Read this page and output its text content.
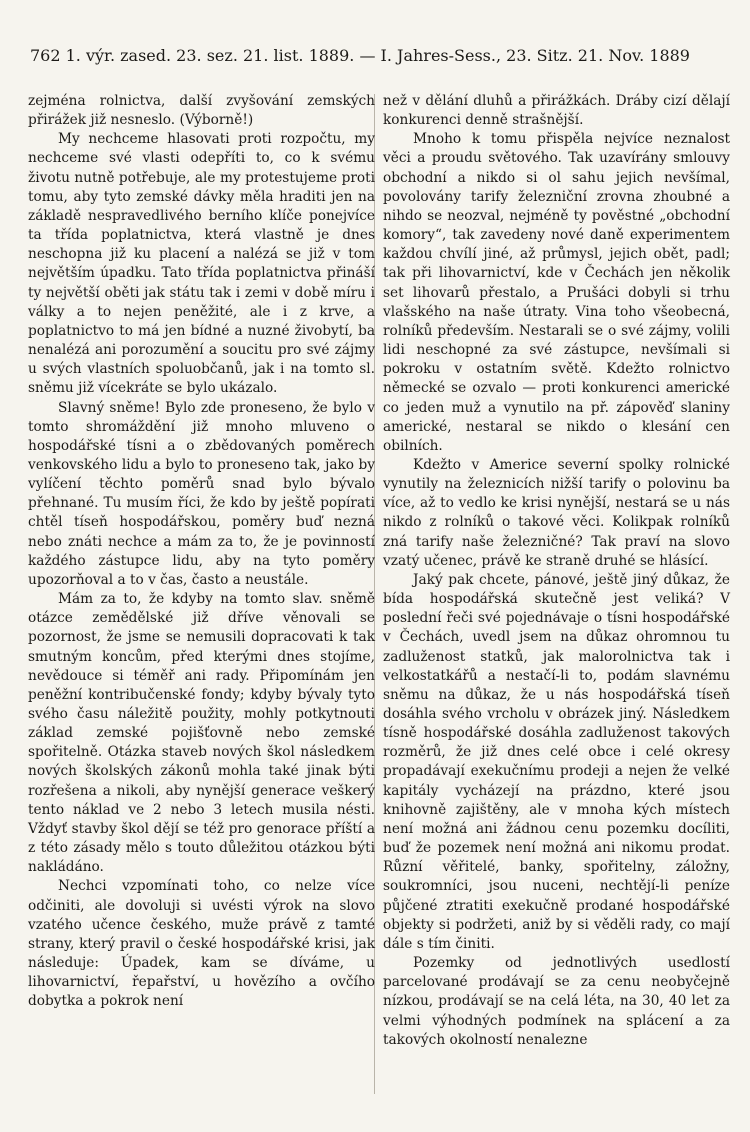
762 1. výr. zased. 23. sez. 21. list. 1889. — I. Jahres-Sess., 23. Sitz. 21. Nov. 1889

zejména rolnictva, další zvyšování zemských přirážek již nesneslo. (Výborně!)

My nechceme hlasovati proti rozpočtu, my nechceme své vlasti odepříti to, co k svému životu nutně potřebuje, ale my protestujeme proti tomu, aby tyto zemské dávky měla hraditi jen na základě nespravedlivého berního klíče ponejvíce ta třída poplatnictva, která vlastně je dnes neschopna již ku placení a nalézá se již v tom největším úpadku. Tato třída poplatnictva přináší ty největší oběti jak státu tak i zemi v době míru i války a to nejen peněžité, ale i z krve, a poplatnictvo to má jen bídné a nuzné živobytí, ba nenalézá ani porozumění a soucitu pro své zájmy u svých vlastních spoluobčanů, jak i na tomto sl. sněmu již vícekráte se bylo ukázalo.

Slavný sněme! Bylo zde proneseno, že bylo v tomto shromáždění již mnoho mluveno o hospodářské tísni a o zbědovaných poměrech venkovského lidu a bylo to proneseno tak, jako by vylíčení těchto poměrů snad bylo bývalo přehnané. Tu musím říci, že kdo by ještě popírati chtěl tíseň hospodářskou, poměry buď nezná nebo znáti nechce a mám za to, že je povinností každého zástupce lidu, aby na tyto poměry upozorňoval a to v čas, často a neustále.

Mám za to, že kdyby na tomto slav. sněmě otázce zemědělské již dříve věnovali se pozornost, že jsme se nemusili dopracovati k tak smutným koncům, před kterými dnes stojíme, nevědouce si téměř ani rady. Připomínám jen peněžní kontribučenské fondy; kdyby bývaly tyto svého času náležitě použity, mohly potkytnouti základ zemské pojišťovně nebo zemské spořitelně. Otázka staveb nových škol následkem nových školských zákonů mohla také jinak býti rozřešena a nikoli, aby nynější generace veškerý tento náklad ve 2 nebo 3 letech musila nésti. Vždyť stavby škol dějí se též pro genorace příští a z této zásady mělo s touto důležitou otázkou býti nakládáno.

Nechci vzpomínati toho, co nelze více odčiniti, ale dovoluji si uvésti výrok na slovo vzatého učence českého, muže právě z tamté strany, který pravil o české hospodářské krisi, jak následuje: Úpadek, kam se díváme, u lihovarnictví, řepařství, u hovězího a ovčího dobytka a pokrok není

než v dělání dluhů a přirážkách. Dráby cizí dělají konkurenci denně strašnější.

Mnoho k tomu přispěla nejvíce neznalost věci a proudu světového. Tak uzavírány smlouvy obchodní a nikdo si ol sahu jejich nevšímal, povolovány tarify železniční zrovna zhoubné a nihdo se neozval, nejméně ty pověstné „obchodní komory“, tak zavedeny nové daně experimentem každou chvílí jiné, až průmysl, jejich obět, padl; tak při lihovarnictví, kde v Čechách jen několik set lihovarů přestalo, a Prušáci dobyli si trhu vlašského na naše útraty. Vina toho všeobecná, rolníků především. Nestarali se o své zájmy, volili lidi neschopné za své zástupce, nevšímali si pokroku v ostatním světě. Kdežto rolnictvo německé se ozvalo — proti konkurenci americké co jeden muž a vynutilo na př. zápověď slaniny americké, nestaral se nikdo o klesání cen obilních.

Kdežto v Americe severní spolky rolnické vynutily na železnicích nižší tarify o polovinu ba více, až to vedlo ke krisi nynější, nestará se u nás nikdo z rolníků o takové věci. Kolikpak rolníků zná tarify naše železničné? Tak praví na slovo vzatý učenec, právě ke straně druhé se hlásící.

Jaký pak chcete, pánové, ještě jiný důkaz, že bída hospodářská skutečně jest veliká? V poslední řeči své pojednávaje o tísni hospodářské v Čechách, uvedl jsem na důkaz ohromnou tu zadluženost statků, jak malorolnictva tak i velkostatkářů a nestačí-li to, podám slavnému sněmu na důkaz, že u nás hospodářská tíseň dosáhla svého vrcholu v obrázek jiný. Následkem tísně hospodářské dosáhla zadluženost takových rozměrů, že již dnes celé obce i celé okresy propadávají exekučnímu prodeji a nejen že velké kapitály vycházejí na prázdno, které jsou knihovně zajištěny, ale v mnoha kých místech není možná ani žádnou cenu pozemku docíliti, buď že pozemek není možná ani nikomu prodat. Různí věřitelé, banky, spořitelny, záložny, soukromníci, jsou nuceni, nechtějí-li peníze půjčené ztratiti exekučně prodané hospodářské objekty si podržeti, aniž by si věděli rady, co mají dále s tím činiti.

Pozemky od jednotlivých usedlostí parcelované prodávají se za cenu neobyčejně nízkou, prodávají se na celá léta, na 30, 40 let za velmi výhodných podmínek na splácení a za takových okolností nenalezne
